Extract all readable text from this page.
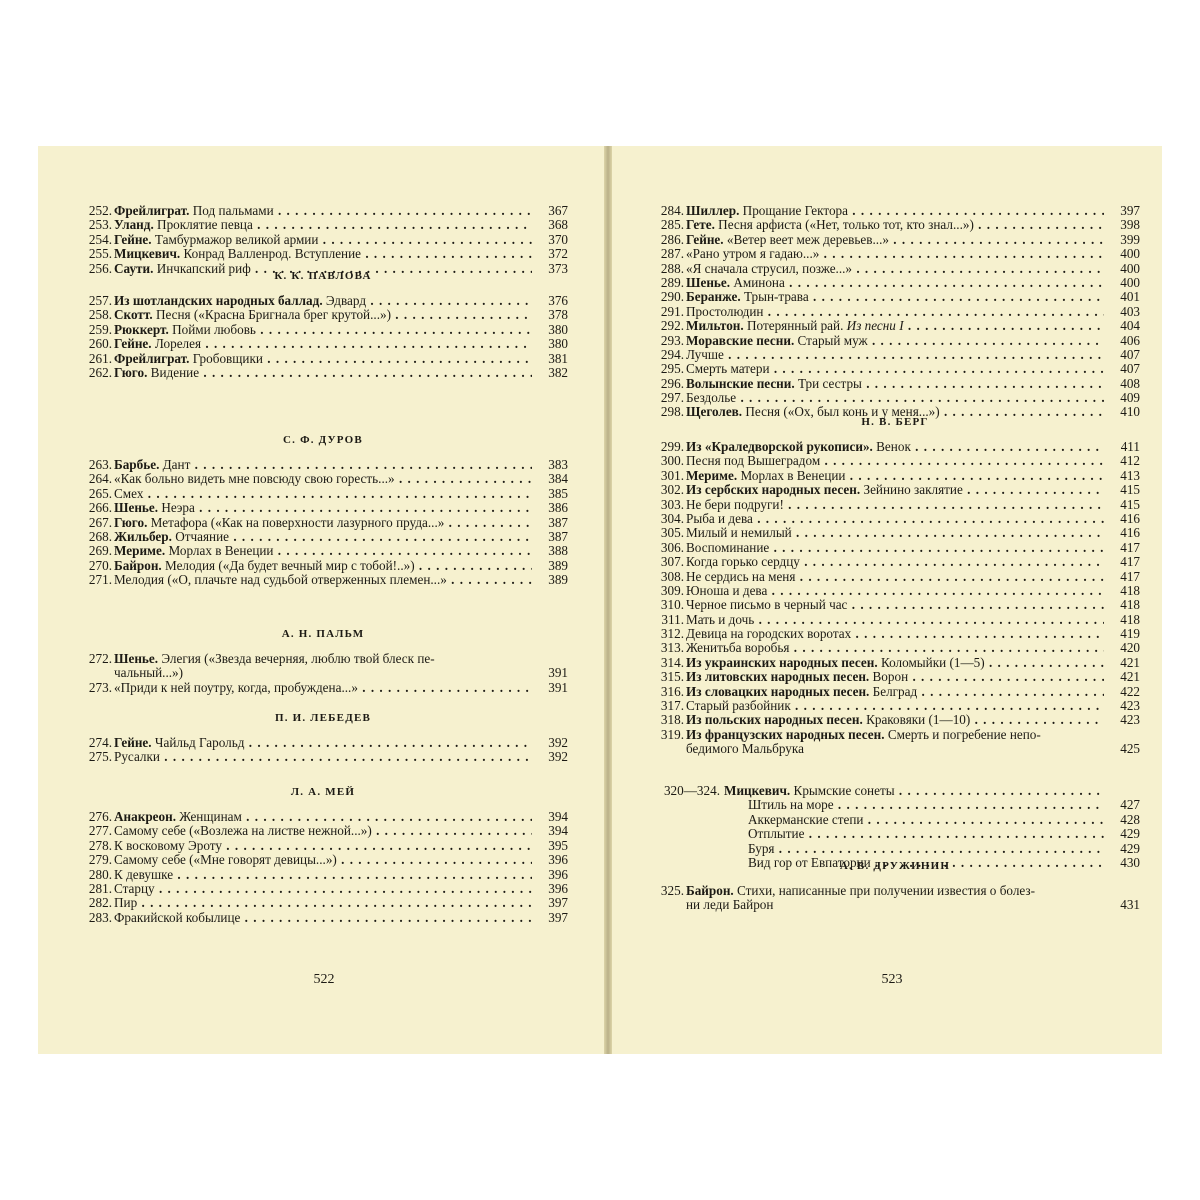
252. Фрейлиграт. Под пальмами . . .	367
253. Уланд. Проклятие певца . . .	368
254. Гейне. Тамбурмажор великой армии . . .	370
255. Мицкевич. Конрад Валленрод. Вступление . . .	372
256. Саути. Инчкапский риф . . .	373
К. К. ПАВЛОВА
257. Из шотландских народных баллад. Эдвард . . .	376
258. Скотт. Песня («Красна Бригнала брег крутой...») . . .	378
259. Рюккерт. Пойми любовь . . .	380
260. Гейне. Лорелея . . .	380
261. Фрейлиграт. Гробовщики . . .	381
262. Гюго. Видение . . .	382
С. Ф. ДУРОВ
263. Барбье. Дант . . .	383
264. «Как больно видеть мне повсюду свою горесть...» . . .	384
265. Смех . . .	385
266. Шенье. Неэра . . .	386
267. Гюго. Метафора («Как на поверхности лазурного пруда...» . . .	387
268. Жильбер. Отчаяние . . .	387
269. Мериме. Морлах в Венеции . . .	388
270. Байрон. Мелодия («Да будет вечный мир с тобой!..») . . .	389
271. Мелодия («О, плачьте над судьбой отверженных племен...» . . .	389
А. Н. ПАЛЬМ
272. Шенье. Элегия («Звезда вечерняя, люблю твой блеск пе-
чальный...»)	391
273. «Приди к ней поутру, когда, пробуждена...» . . .	391
П. И. ЛЕБЕДЕВ
274. Гейне. Чайльд Гарольд . . .	392
275. Русалки . . .	392
Л. А. МЕЙ
276. Анакреон. Женщинам . . .	394
277. Самому себе («Возлежа на листве нежной...») . . .	394
278. К восковому Эроту . . .	395
279. Самому себе («Мне говорят девицы...») . . .	396
280. К девушке . . .	396
281. Старцу . . .	396
282. Пир . . .	397
283. Фракийской кобылице . . .	397
522
284. Шиллер. Прощание Гектора . . .	397
285. Гете. Песня арфиста («Нет, только тот, кто знал...») . . .	398
286. Гейне. «Ветер веет меж деревьев...» . . .	399
287. «Рано утром я гадаю...» . . .	400
288. «Я сначала струсил, позже...» . . .	400
289. Шенье. Аминона . . .	400
290. Беранже. Трын-трава . . .	401
291. Простолюдин . . .	403
292. Мильтон. Потерянный рай. Из песни I . . .	404
293. Моравские песни. Старый муж . . .	406
294. Лучше . . .	407
295. Смерть матери . . .	407
296. Волынские песни. Три сестры . . .	408
297. Бездолье . . .	409
298. Щеголев. Песня («Ох, был конь и у меня...») . . .	410
Н. В. БЕРГ
299. Из «Краледворской рукописи». Венок . . .	411
300. Песня под Вышеградом . . .	412
301. Мериме. Морлах в Венеции . . .	413
302. Из сербских народных песен. Зейнино заклятие . . .	415
303. Не бери подруги! . . .	415
304. Рыба и дева . . .	416
305. Милый и немилый . . .	416
306. Воспоминание . . .	417
307. Когда горько сердцу . . .	417
308. Не сердись на меня . . .	417
309. Юноша и дева . . .	418
310. Черное письмо в черный час . . .	418
311. Мать и дочь . . .	418
312. Девица на городских воротах . . .	419
313. Женитьба воробья . . .	420
314. Из украинских народных песен. Коломыйки (1—5) . . .	421
315. Из литовских народных песен. Ворон . . .	421
316. Из словацких народных песен. Белград . . .	422
317. Старый разбойник . . .	423
318. Из польских народных песен. Краковяки (1—10) . . .	423
319. Из французских народных песен. Смерть и погребение непо-
бедимого Мальбрука	425
320—324. Мицкевич. Крымские сонеты . . .
Штиль на море . . .	427
Аккерманские степи . . .	428
Отплытие . . .	429
Буря . . .	429
Вид гор от Евпатории . . .	430
А. В. ДРУЖИНИН
325. Байрон. Стихи, написанные при получении известия о болез-
ни леди Байрон	431
523
